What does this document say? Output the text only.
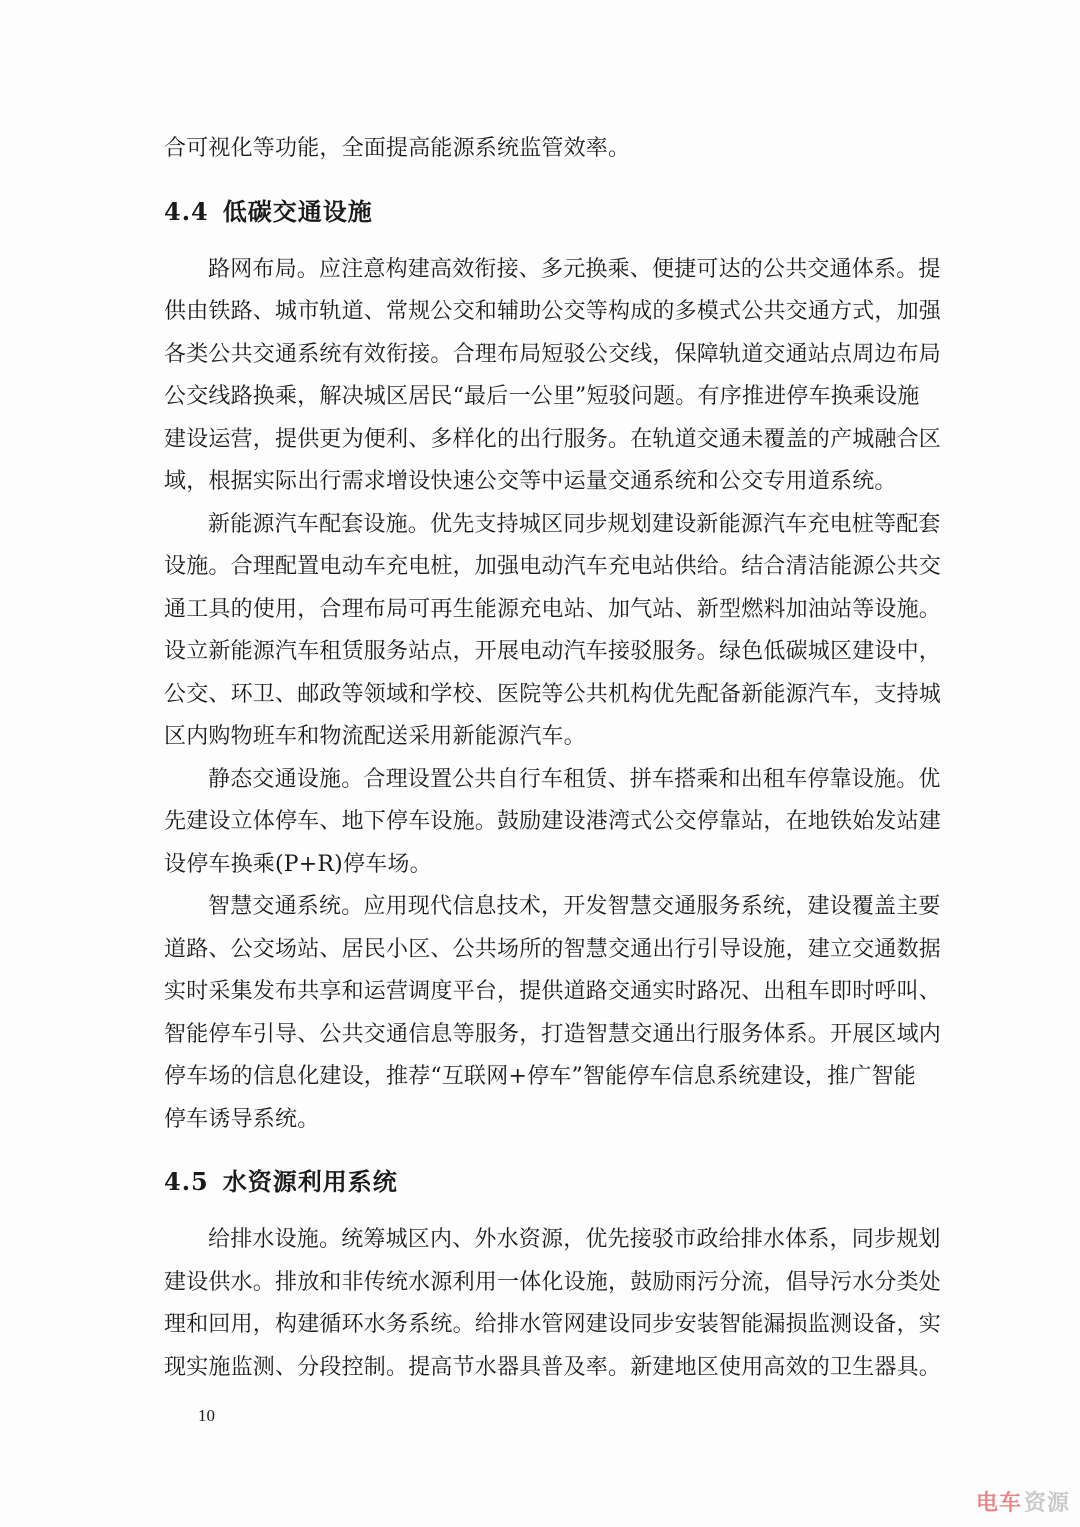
合可视化等功能，全面提高能源系统监管效率。
4.4 低碳交通设施
路网布局。应注意构建高效衔接、多元换乘、便捷可达的公共交通体系。提
供由铁路、城市轨道、常规公交和辅助公交等构成的多模式公共交通方式，加强
各类公共交通系统有效衔接。合理布局短驳公交线，保障轨道交通站点周边布局
公交线路换乘，解决城区居民“最后一公里”短驳问题。有序推进停车换乘设施
建设运营，提供更为便利、多样化的出行服务。在轨道交通未覆盖的产城融合区
域，根据实际出行需求增设快速公交等中运量交通系统和公交专用道系统。
新能源汽车配套设施。优先支持城区同步规划建设新能源汽车充电桩等配套
设施。合理配置电动车充电桩，加强电动汽车充电站供给。结合清洁能源公共交
通工具的使用，合理布局可再生能源充电站、加气站、新型燃料加油站等设施。
设立新能源汽车租赁服务站点，开展电动汽车接驳服务。绿色低碳城区建设中，
公交、环卫、邮政等领域和学校、医院等公共机构优先配备新能源汽车，支持城
区内购物班车和物流配送采用新能源汽车。
静态交通设施。合理设置公共自行车租赁、拼车搭乘和出租车停靠设施。优
先建设立体停车、地下停车设施。鼓励建设港湾式公交停靠站，在地铁始发站建
设停车换乘(P+R)停车场。
智慧交通系统。应用现代信息技术，开发智慧交通服务系统，建设覆盖主要
道路、公交场站、居民小区、公共场所的智慧交通出行引导设施，建立交通数据
实时采集发布共享和运营调度平台，提供道路交通实时路况、出租车即时呼叫、
智能停车引导、公共交通信息等服务，打造智慧交通出行服务体系。开展区域内
停车场的信息化建设，推荐“互联网+停车”智能停车信息系统建设，推广智能
停车诱导系统。
4.5 水资源利用系统
给排水设施。统筹城区内、外水资源，优先接驳市政给排水体系，同步规划
建设供水。排放和非传统水源利用一体化设施，鼓励雨污分流，倡导污水分类处
理和回用，构建循环水务系统。给排水管网建设同步安装智能漏损监测设备，实
现实施监测、分段控制。提高节水器具普及率。新建地区使用高效的卫生器具。
10
电车 资源
